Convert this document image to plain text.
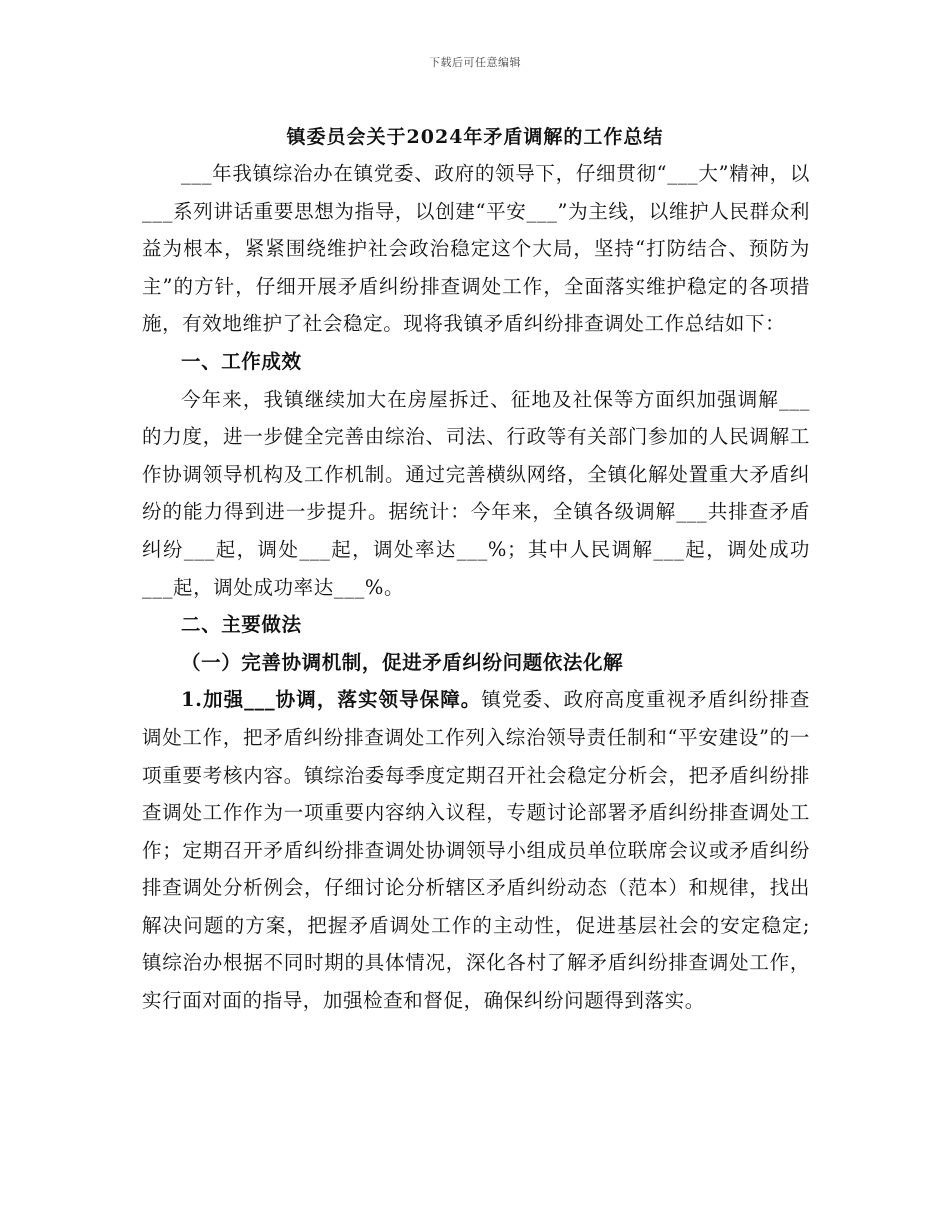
下载后可任意编辑
镇委员会关于2024年矛盾调解的工作总结

___年我镇综治办在镇党委、政府的领导下，仔细贯彻“___大”精神，以___系列讲话重要思想为指导，以创建“平安___”为主线，以维护人民群众利益为根本，紧紧围绕维护社会政治稳定这个大局，坚持“打防结合、预防为主”的方针，仔细开展矛盾纠纷排查调处工作，全面落实维护稳定的各项措施，有效地维护了社会稳定。现将我镇矛盾纠纷排查调处工作总结如下：

一、工作成效

今年来，我镇继续加大在房屋拆迁、征地及社保等方面织加强调解___的力度，进一步健全完善由综治、司法、行政等有关部门参加的人民调解工作协调领导机构及工作机制。通过完善横纵网络，全镇化解处置重大矛盾纠纷的能力得到进一步提升。据统计：今年来，全镇各级调解___共排查矛盾纠纷___起，调处___起，调处率达___%；其中人民调解___起，调处成功___起，调处成功率达___%。

二、主要做法

（一）完善协调机制，促进矛盾纠纷问题依法化解

1.加强___协调，落实领导保障。镇党委、政府高度重视矛盾纠纷排查调处工作，把矛盾纠纷排查调处工作列入综治领导责任制和“平安建设”的一项重要考核内容。镇综治委每季度定期召开社会稳定分析会，把矛盾纠纷排查调处工作作为一项重要内容纳入议程，专题讨论部署矛盾纠纷排查调处工作；定期召开矛盾纠纷排查调处协调领导小组成员单位联席会议或矛盾纠纷排查调处分析例会，仔细讨论分析辖区矛盾纠纷动态（范本）和规律，找出解决问题的方案，把握矛盾调处工作的主动性，促进基层社会的安定稳定;镇综治办根据不同时期的具体情况，深化各村了解矛盾纠纷排查调处工作，实行面对面的指导，加强检查和督促，确保纠纷问题得到落实。
